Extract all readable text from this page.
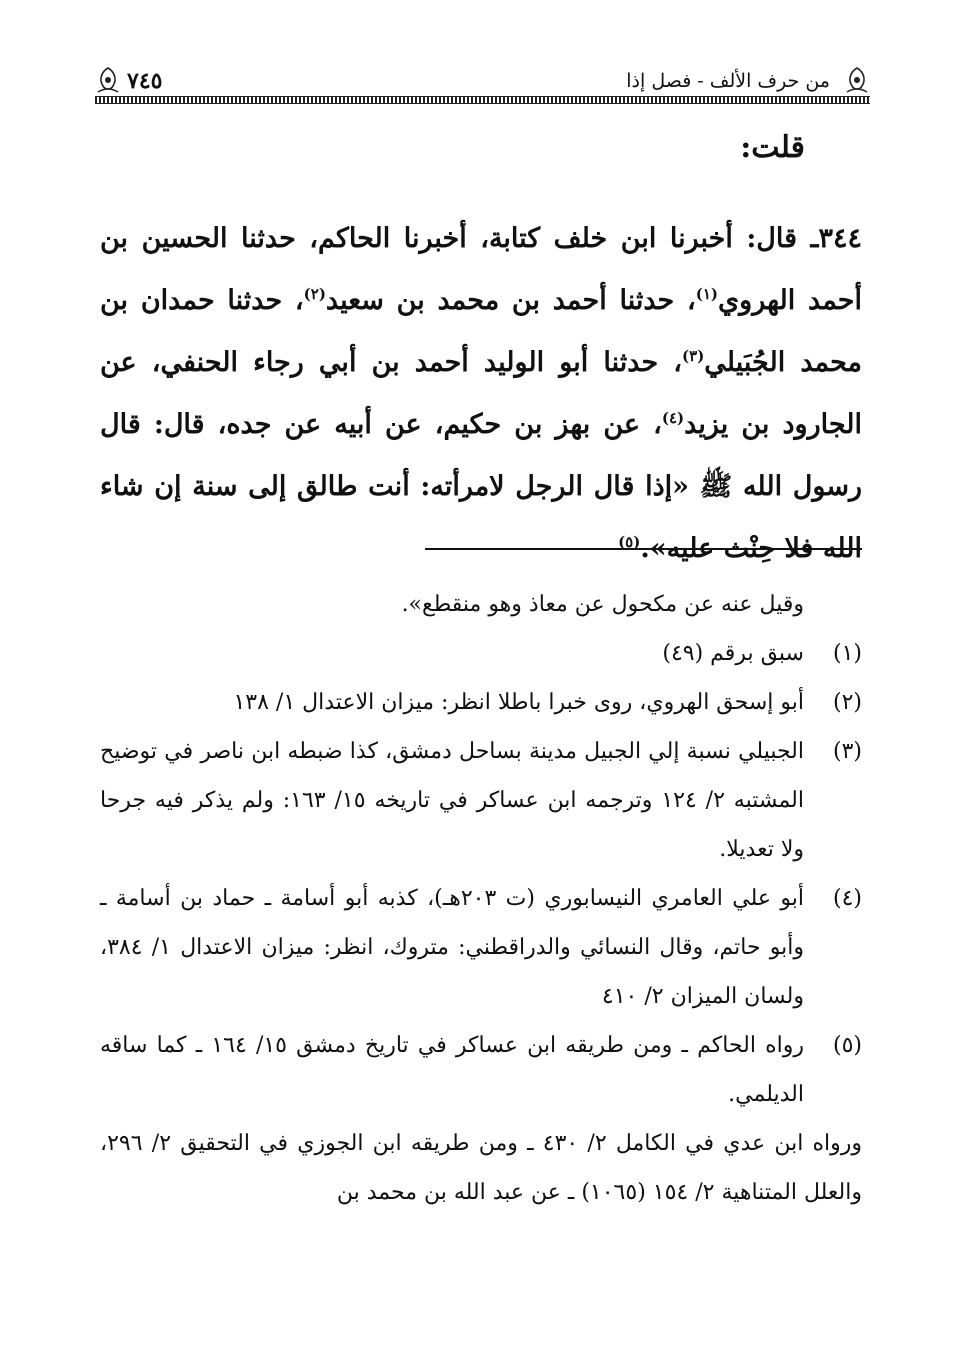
من حرف الألف - فصل إذا
٧٤٥
قلت:

٣٤٤ـ قال: أخبرنا ابن خلف كتابة، أخبرنا الحاكم، حدثنا الحسين بن أحمد الهروي$^{(١)}$، حدثنا أحمد بن محمد بن سعيد$^{(٢)}$، حدثنا حمدان بن محمد الجُبَيلي$^{(٣)}$، حدثنا أبو الوليد أحمد بن أبي رجاء الحنفي، عن الجارود بن يزيد$^{(٤)}$، عن بهز بن حكيم، عن أبيه عن جده، قال: قال رسول الله ﷺ «إذا قال الرجل لامرأته: أنت طالق إلى سنة إن شاء الله فلا حِنْث عليه».$^{(٥)}$

وقيل عنه عن مكحول عن معاذ وهو منقطع».

(١)
سبق برقم (٤٩)
(٢)
أبو إسحق الهروي، روى خبرا باطلا انظر: ميزان الاعتدال ١/ ١٣٨
(٣)
الجبيلي نسبة إلي الجبيل مدينة بساحل دمشق، كذا ضبطه ابن ناصر في توضيح المشتبه ٢/ ١٢٤ وترجمه ابن عساكر في تاريخه ١٥/ ١٦٣: ولم يذكر فيه جرحا ولا تعديلا.
(٤)
أبو علي العامري النيسابوري (ت ٢٠٣هـ)، كذبه أبو أسامة ـ حماد بن أسامة ـ وأبو حاتم، وقال النسائي والدراقطني: متروك، انظر: ميزان الاعتدال ١/ ٣٨٤، ولسان الميزان ٢/ ٤١٠
(٥)
رواه الحاكم ـ ومن طريقه ابن عساكر في تاريخ دمشق ١٥/ ١٦٤ ـ كما ساقه الديلمي.

ورواه ابن عدي في الكامل ٢/ ٤٣٠ ـ ومن طريقه ابن الجوزي في التحقيق ٢/ ٢٩٦، والعلل المتناهية ٢/ ١٥٤ (١٠٦٥) ـ عن عبد الله بن محمد بن
